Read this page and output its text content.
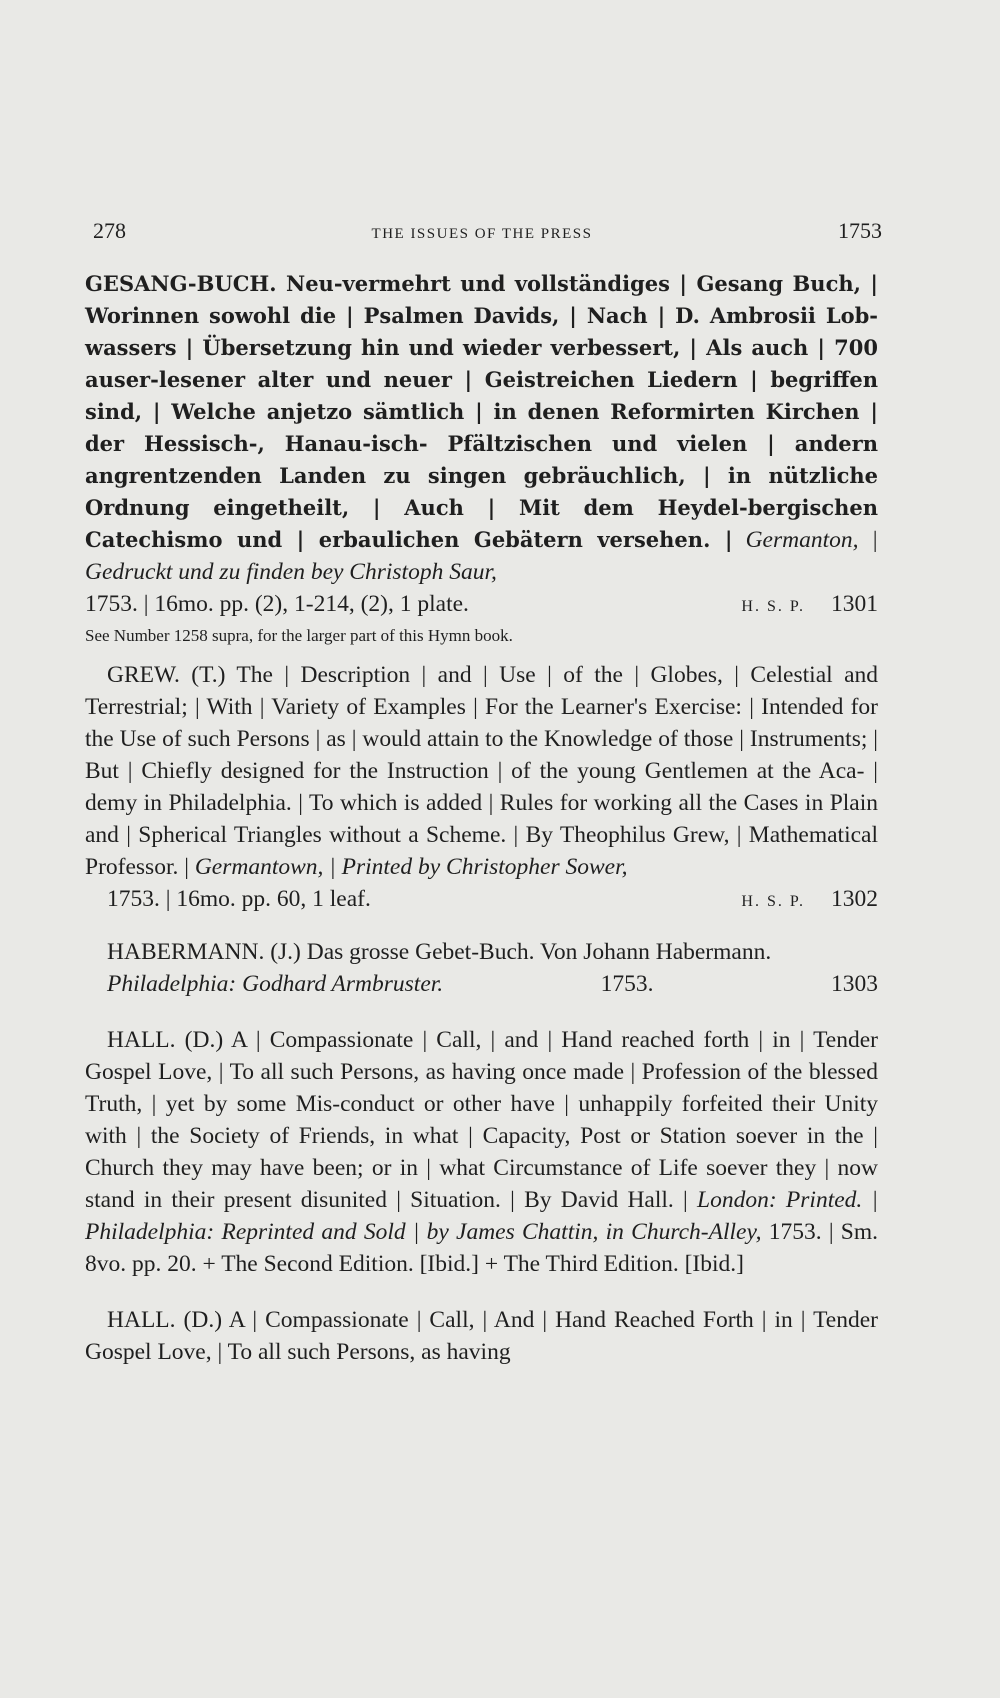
278	THE ISSUES OF THE PRESS	1753

GESANG-BUCH. Neu-vermehrt und vollständiges | Gesang Buch, | Worinnen sowohl die | Psalmen Davids, | Nach | D. Ambrosii Lob-wassers | Übersetzung hin und wieder verbessert, | Als auch | 700 auser-lesener alter und neuer | Geistreichen Liedern | begriffen sind, | Welche anjetzo sämtlich | in denen Reformirten Kirchen | der Hessisch-, Hanau-isch- Pfältzischen und vielen | andern angrentzenden Landen zu singen gebräuchlich, | in nützliche Ordnung eingetheilt, | Auch | Mit dem Heydel-bergischen Catechismo und | erbaulichen Gebätern versehen. | Germanton, | Gedruckt und zu finden bey Christoph Saur,

1753. | 16mo. pp. (2), 1-214, (2), 1 plate.	H. S. P. 1301

See Number 1258 supra, for the larger part of this Hymn book.

GREW. (T.) The | Description | and | Use | of the | Globes, | Celestial and Terrestrial; | With | Variety of Examples | For the Learner's Exercise: | Intended for the Use of such Persons | as | would attain to the Knowledge of those | Instruments; | But | Chiefly designed for the Instruction | of the young Gentlemen at the Aca- | demy in Philadelphia. | To which is added | Rules for working all the Cases in Plain and | Spherical Triangles without a Scheme. | By Theophilus Grew, | Mathematical Professor. | Germantown, | Printed by Christopher Sower,

1753. | 16mo. pp. 60, 1 leaf.	H. S. P. 1302

HABERMANN. (J.) Das grosse Gebet-Buch. Von Johann Habermann.

Philadelphia: Godhard Armbruster.	1753.	1303

HALL. (D.) A | Compassionate | Call, | and | Hand reached forth | in | Tender Gospel Love, | To all such Persons, as having once made | Profession of the blessed Truth, | yet by some Mis-conduct or other have | unhappily forfeited their Unity with | the Society of Friends, in what | Capacity, Post or Station soever in the | Church they may have been; or in | what Circumstance of Life soever they | now stand in their present disunited | Situation. | By David Hall. | London: Printed. | Philadelphia: Reprinted and Sold | by James Chattin, in Church-Alley, 1753. | Sm. 8vo. pp. 20. + The Second Edition. [Ibid.] + The Third Edition. [Ibid.]

HALL. (D.) A | Compassionate | Call, | And | Hand Reached Forth | in | Tender Gospel Love, | To all such Persons, as having
